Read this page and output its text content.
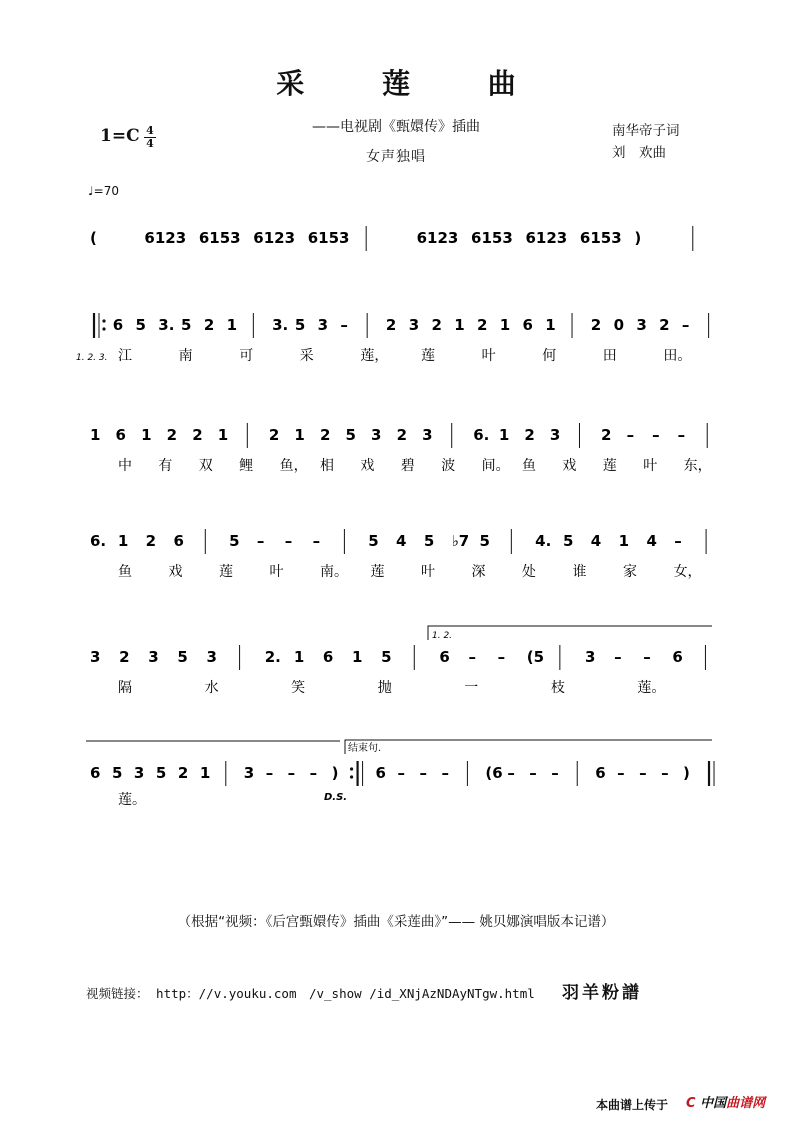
采 莲 曲
——电视剧《甄嬛传》插曲
女声独唱
1=C 4
4
南华帝子词
刘　欢曲
♩=70
(	6123 6153 6123 6153	6123 6153 6123 6153 )
6 5 3. 5 2 1 3. 5 3 –	2 3 2 1 2 1 6 1 2 0 3 2 –
江	南	可	采	莲， 莲	叶	何	田	田。
1. 2. 3.
1 6 1 2 2 1	2 1 2 5 3 2 3	6. 1 2 3	2 – – –
中 有 双 鲤 鱼， 相 戏 碧 波 间。 鱼 戏 莲 叶 东，
6. 1 2 6	5 – – –	5 4 5 ♭7 5	4. 5 4 1 4 –
鱼	戏	莲	叶	南。 莲	叶	深	处	谁	家	女，
3 2 3 5 3	2. 1 6 1 5	6 – – (5	3 – – 6
隔	水	笑	抛	一	枝	莲。
1. 2.
6 5 3 5 2 1 3 – – – ) 6 – – – (6 – – – 6 – – – )
莲。	D.S.
结束句.
（根据“视频：《后宫甄嬛传》插曲《采莲曲》”—— 姚贝娜演唱版本记谱）
视频链接： http：//v.youku.com　/v_show /id_XNjAzNDAyNTgw.html 羽羊粉譜
本曲谱上传于 C 中国曲谱网
